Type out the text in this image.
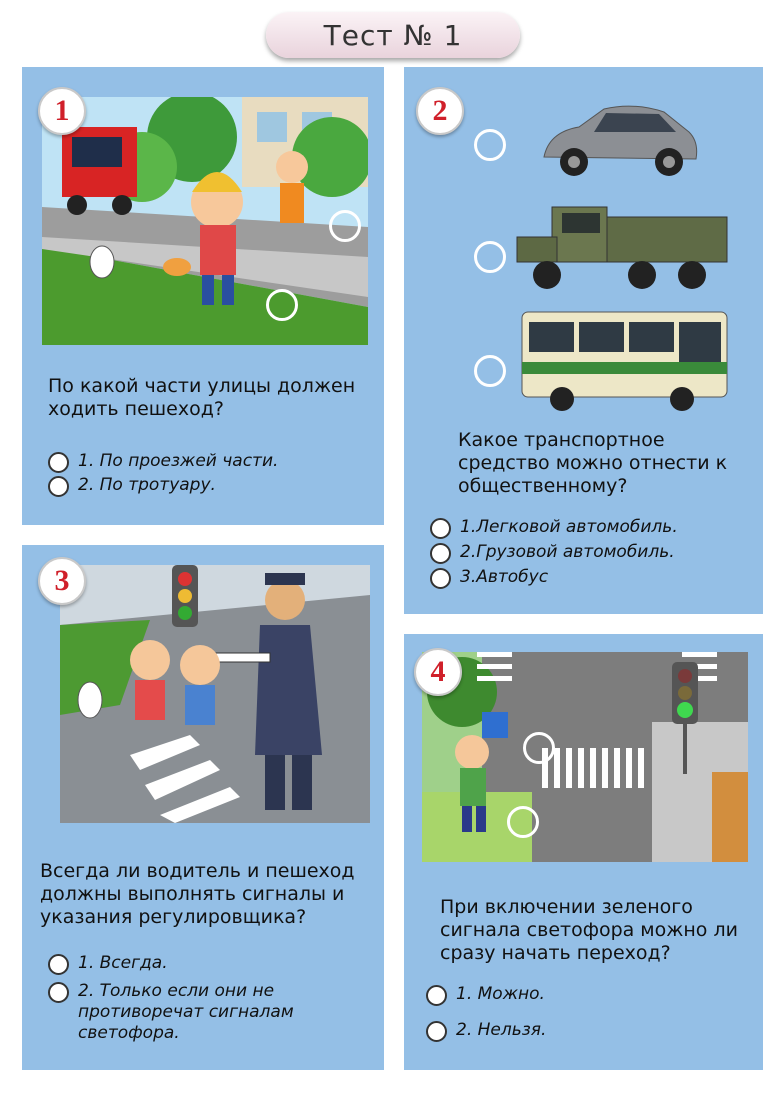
Тест № 1
1

По какой части улицы должен ходить пешеход?

1. По проезжей части.
2. По тротуару.
2

Какое транспортное средство можно отнести к общественному?

1.Легковой автомобиль.
2.Грузовой автомобиль.
3.Автобус
3

Всегда ли водитель и пешеход должны выполнять сигналы и указания регулировщика?

1. Всегда.
2. Только если они не противоречат сигналам светофора.
4

При включении зеленого сигнала светофора можно ли сразу начать переход?

1. Можно.
2. Нельзя.
